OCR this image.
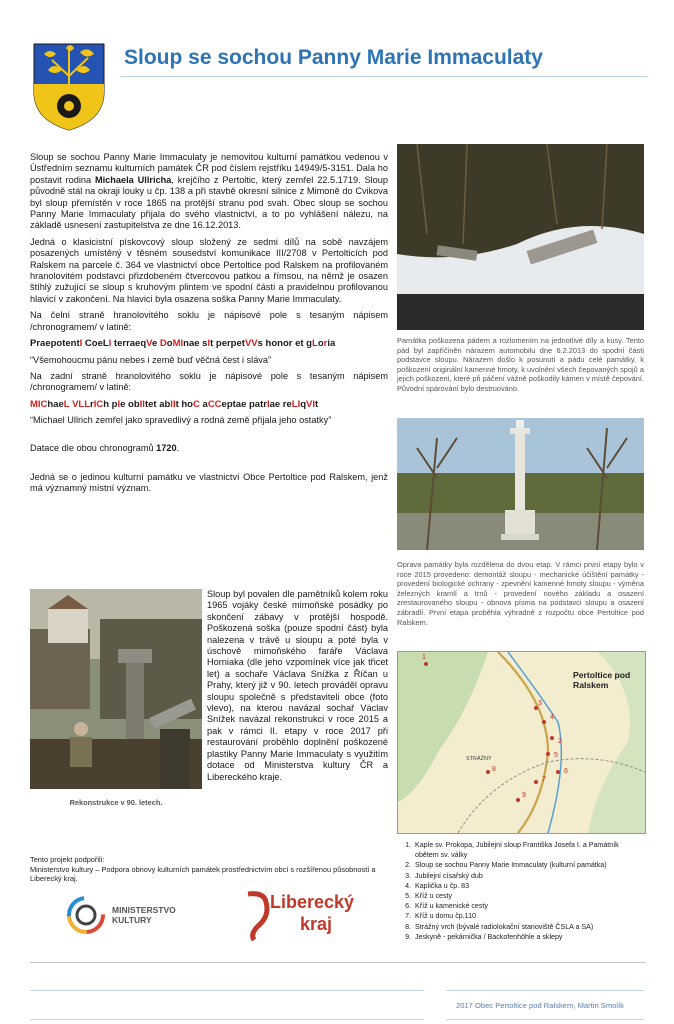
Sloup se sochou Panny Marie Immaculaty

Sloup se sochou Panny Marie Immaculaty je nemovitou kulturní památkou vedenou v Ústředním seznamu kulturních památek ČR pod číslem rejstříku 14949/5-3151. Dala ho postavit rodina Michaela Ullricha, krejčího z Pertoltic, který zemřel 22.5.1719. Sloup původně stál na okraji louky u čp. 138 a při stavbě okresní silnice z Mimoně do Cvikova byl sloup přemístěn v roce 1865 na protější stranu pod svah. Obec sloup se sochou Panny Marie Immaculaty přijala do svého vlastnictví, a to po vyhlášení nálezu, na základě usnesení zastupitelstva ze dne 16.12.2013.

Jedná o klasicistní pískovcový sloup složený ze sedmi dílů na sobě navzájem posazených umístěný v těsném sousedství komunikace III/2708 v Pertolticích pod Ralskem na parcele č. 364 ve vlastnictví obce Pertoltice pod Ralskem na profilovaném hranolovitém podstavci přizdobeném čtvercovou patkou a římsou, na němž je osazen štíhlý zužující se sloup s kruhovým plintem ve spodní části a pravidelnou profilovanou hlavicí v zakončení. Na hlavici byla osazena soška Panny Marie Immaculaty.

Na čelní straně hranolovitého soklu je nápisové pole s tesaným nápisem /chronogramem/ v latině:

PraepotentI CoeLI terraeqVe DoMInae sIt perpetVVs honor et gLoria

“Všemohoucmu pánu nebes i země buď věčná čest i sláva”

Na zadní straně hranolovitého soklu je nápisové pole s tesaným nápisem /chronogramem/ v latině:

MIChaeL VLLrICh pIe obIItet abIIt hoC aCCeptae patrIae reLIqVIt

“Michael Ullrich zemřel jako spravedlivý a rodná země přijala jeho ostatky”

Datace dle obou chronogramů 1720.

Jedná se o jedinou kulturní památku ve vlastnictví Obce Pertoltice pod Ralskem, jenž má významný místní význam.

Rekonstrukce v 90. letech.
Sloup byl povalen dle pamětníků kolem roku 1965 vojáky české mimoňské posádky po skončení zábavy v protější hospodě. Poškozená soška (pouze spodní část) byla nalezena v trávě u sloupu a poté byla v úschově mimoňského faráře Václava Horniaka (dle jeho vzpomínek více jak třicet let) a sochaře Václava Snížka z Říčan u Prahy, který již v 90. letech prováděl opravu sloupu společně s představiteli obce (foto vlevo), na kterou navázal sochař Václav Snížek navázal rekonstrukci v roce 2015 a pak v rámci II. etapy v roce 2017 při restaurování proběhlo doplnění poškozené plastiky Panny Marie Immaculaty s využitím dotace od Ministerstva kultury ČR a Libereckého kraje.
Památka poškozena pádem a rozlomením na jednotlivé díly a kusy. Tento pád byl zapříčiněn nárazem automobilu dne 6.2.2013 do spodní části podstavce sloupu. Nárazem došlo k posunutí a pádu celé památky, k poškození originální kamenné hmoty, k uvolnění všech čepovaných spojů a jejich poškození, které při páčení vážně poškodily kámen v místě čepování. Původní spárování bylo destruováno.
Oprava památky byla rozdělena do dvou etap. V rámci první etapy bylo v roce 2015 provedeno: demontáž sloupu - mechanické účištění památky - provedení biologické ochrany - zpevnění kamenné hmoty sloupu - výměna železných kramlí a trnů - provedení nového základu a osazení zrestaurovaného sloupu - obnova písma na podstavci sloupu a osazení zábradlí. První etapa proběhla výhradně z rozpočtu obce Pertoltice pod Ralskem.
Pertoltice pod Ralskem
STRÁŽNÝ
1
2
3
4
5
6
7
8
9
1. Kaple sv. Prokopa, Jubilejní sloup Františka Josefa I. a Památník obětem sv. války
2. Sloup se sochou Panny Marie Immaculaty (kulturní památka)
3. Jubilejní císařský dub
4. Kaplička u čp. 83
5. Kříž u cesty
6. Kříž u kamenické cesty
7. Kříž u domu čp.110
8. Strážný vrch (bývalé radiolokační stanoviště ČSLA a SA)
9. Jeskyně - pekárnička / Backofenhöhle a sklepy
Tento projekt podpořili:
Ministerstvo kultury – Podpora obnovy kulturních památek prostřednictvím obcí s rozšířenou působností a Liberecký kraj.
MINISTERSTVO KULTURY
Liberecký
kraj
2017 Obec Pertoltice pod Ralskem, Martin Smolík
